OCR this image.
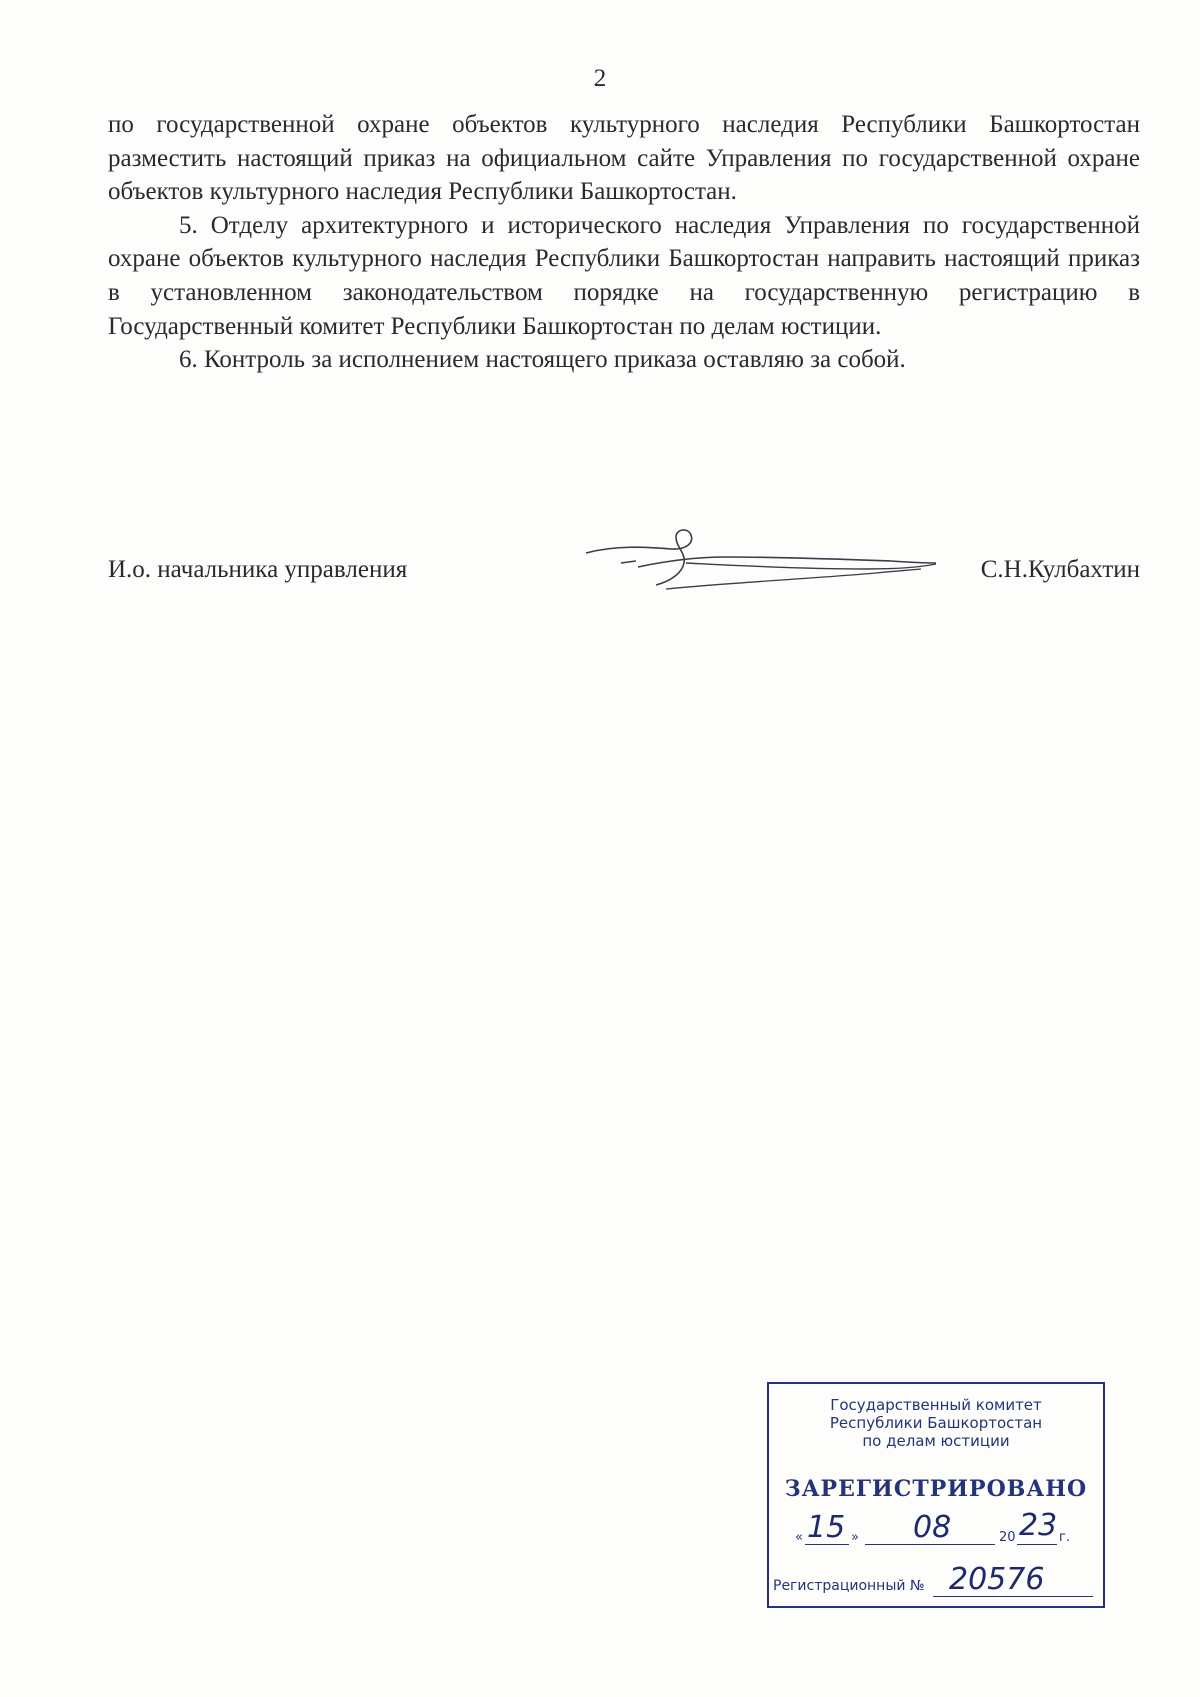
2

по государственной охране объектов культурного наследия Республики Башкортостан разместить настоящий приказ на официальном сайте Управления по государственной охране объектов культурного наследия Республики Башкортостан.

5. Отделу архитектурного и исторического наследия Управления по государственной охране объектов культурного наследия Республики Башкортостан направить настоящий приказ в установленном законодательством порядке на государственную регистрацию в Государственный комитет Республики Башкортостан по делам юстиции.

6. Контроль за исполнением настоящего приказа оставляю за собой.

И.о. начальника управления	С.Н.Кулбахтин
Государственный комитет
Республики Башкортостан
по делам юстиции
ЗАРЕГИСТРИРОВАНО
« 15 » 08	20 23 г.
Регистрационный № 20576
